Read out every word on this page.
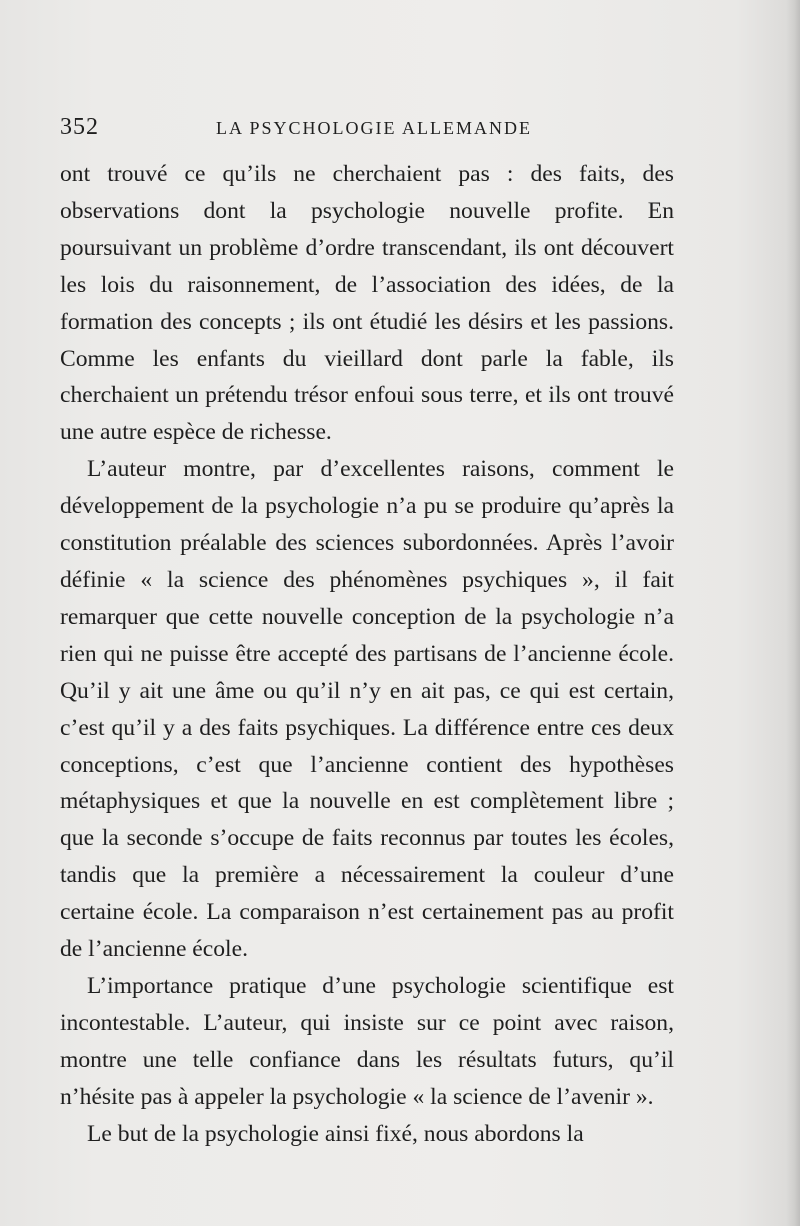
352	LA PSYCHOLOGIE ALLEMANDE

ont trouvé ce qu’ils ne cherchaient pas : des faits, des observations dont la psychologie nouvelle profite. En poursuivant un problème d’ordre transcendant, ils ont découvert les lois du raisonnement, de l’association des idées, de la formation des concepts ; ils ont étudié les désirs et les passions. Comme les enfants du vieillard dont parle la fable, ils cherchaient un prétendu trésor enfoui sous terre, et ils ont trouvé une autre espèce de richesse.

L’auteur montre, par d’excellentes raisons, comment le développement de la psychologie n’a pu se produire qu’après la constitution préalable des sciences subordonnées. Après l’avoir définie « la science des phénomènes psychiques », il fait remarquer que cette nouvelle conception de la psychologie n’a rien qui ne puisse être accepté des partisans de l’ancienne école. Qu’il y ait une âme ou qu’il n’y en ait pas, ce qui est certain, c’est qu’il y a des faits psychiques. La différence entre ces deux conceptions, c’est que l’ancienne contient des hypothèses métaphysiques et que la nouvelle en est complètement libre ; que la seconde s’occupe de faits reconnus par toutes les écoles, tandis que la première a nécessairement la couleur d’une certaine école. La comparaison n’est certainement pas au profit de l’ancienne école.

L’importance pratique d’une psychologie scientifique est incontestable. L’auteur, qui insiste sur ce point avec raison, montre une telle confiance dans les résultats futurs, qu’il n’hésite pas à appeler la psychologie « la science de l’avenir ».

Le but de la psychologie ainsi fixé, nous abordons la
